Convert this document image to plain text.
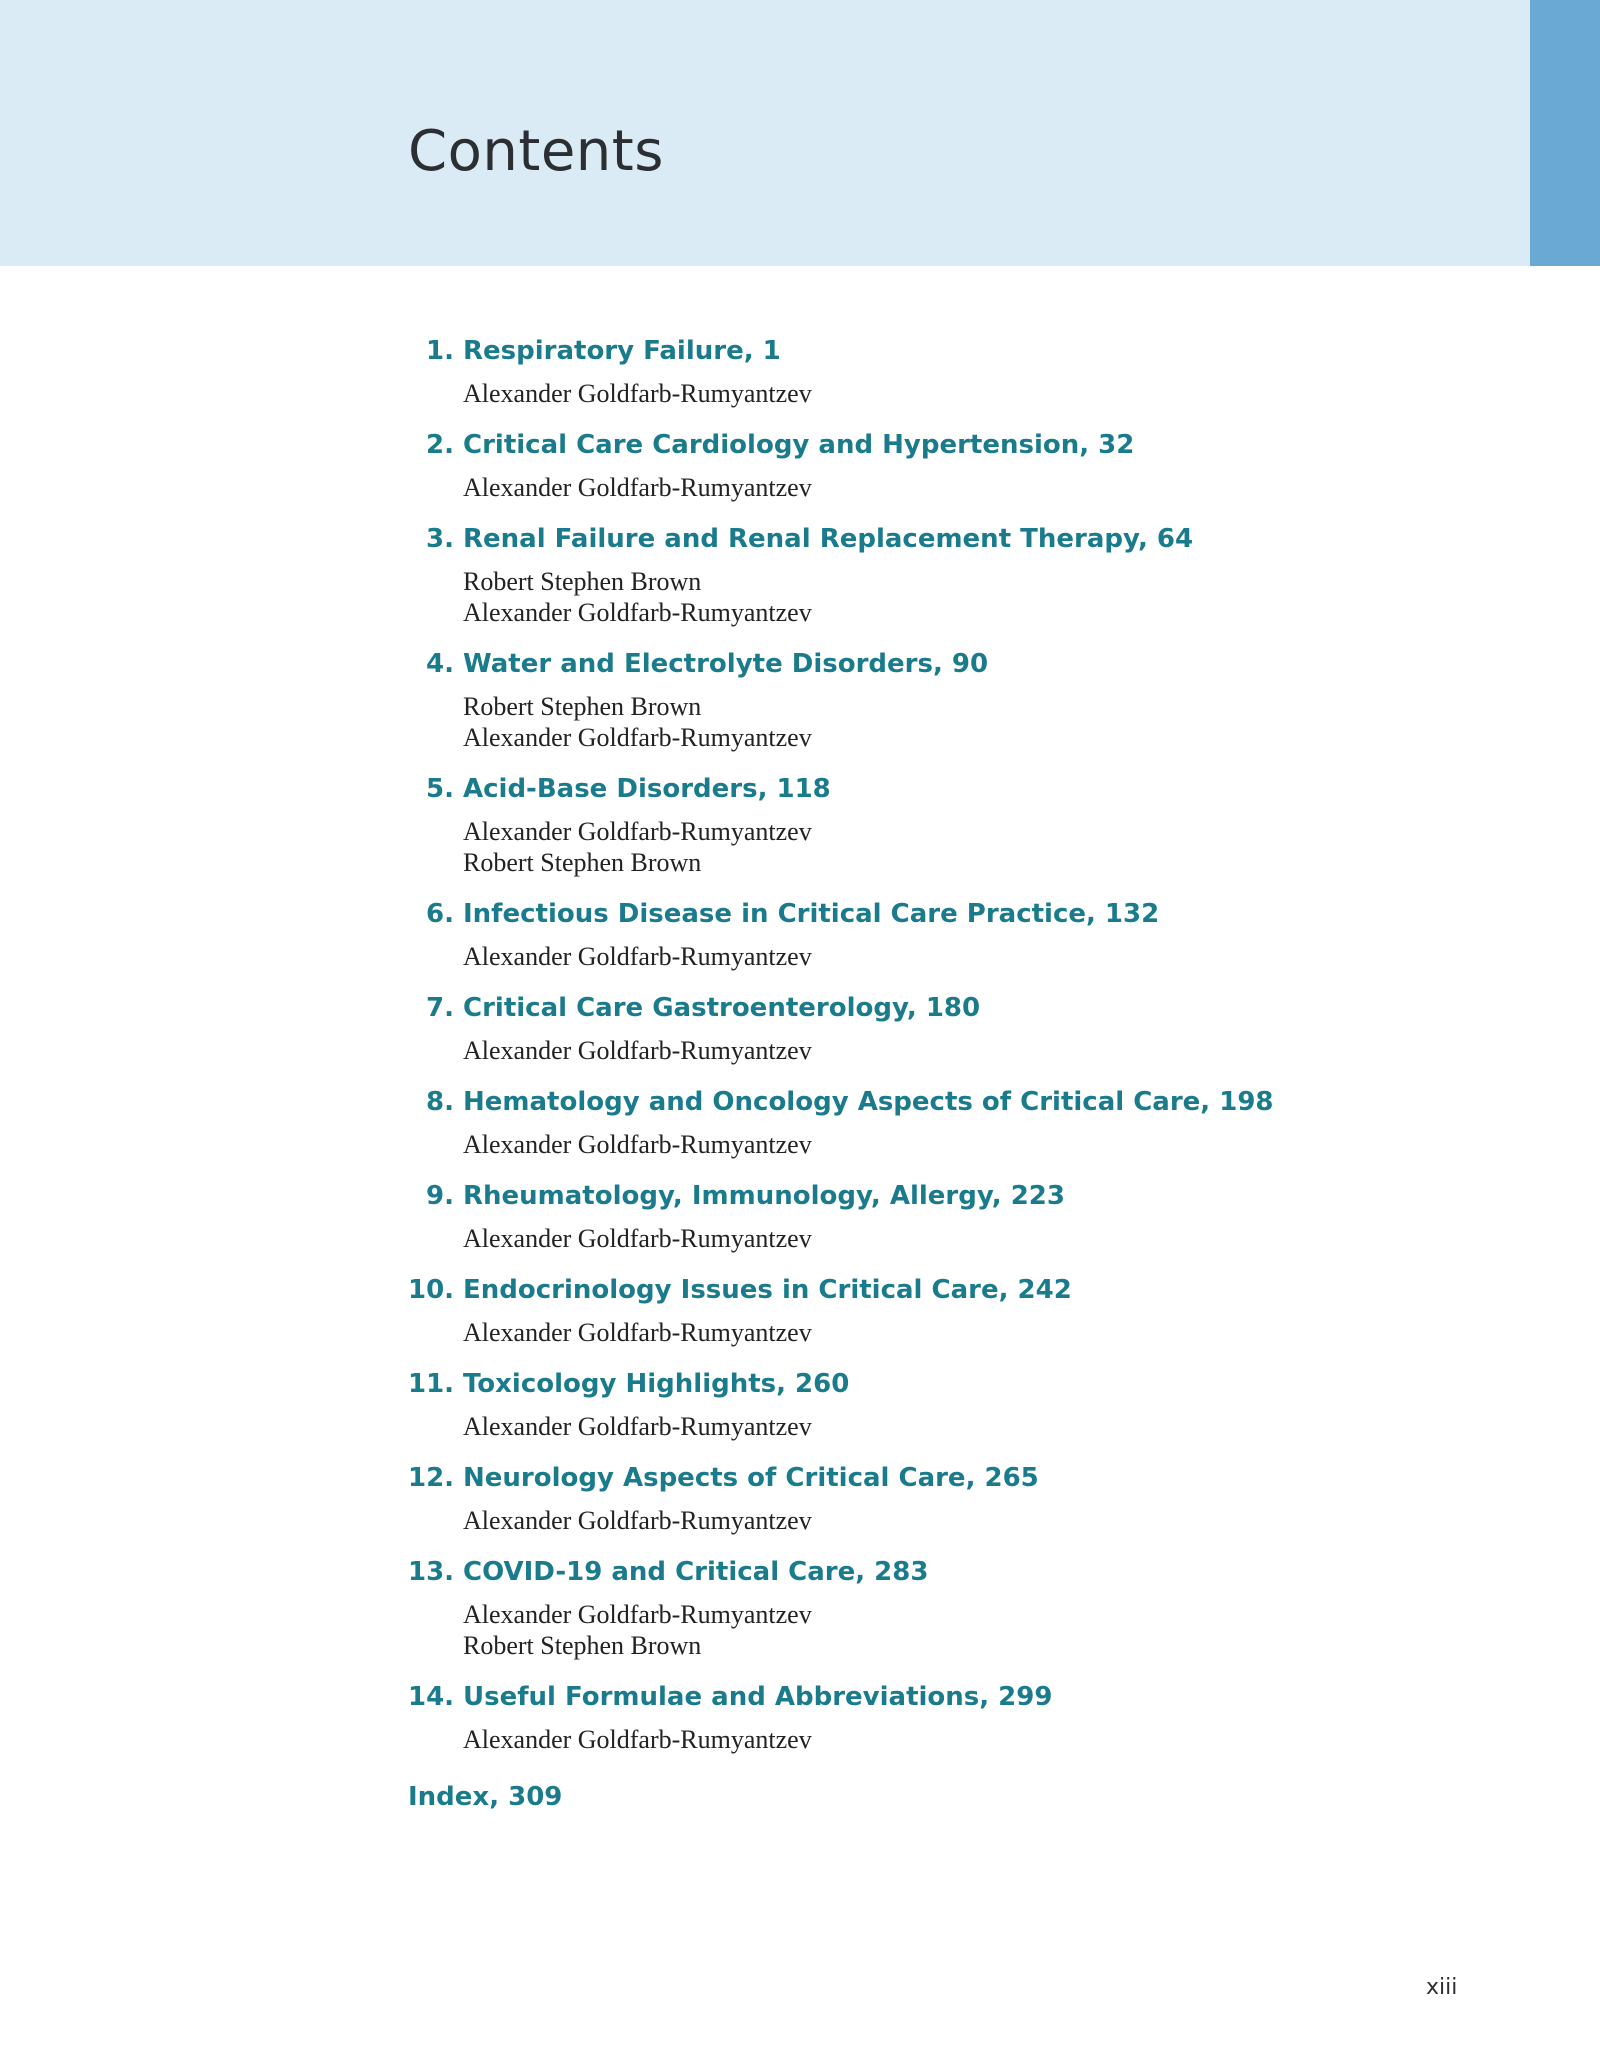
Contents
1. Respiratory Failure, 1
Alexander Goldfarb-Rumyantzev
2. Critical Care Cardiology and Hypertension, 32
Alexander Goldfarb-Rumyantzev
3. Renal Failure and Renal Replacement Therapy, 64
Robert Stephen Brown
Alexander Goldfarb-Rumyantzev
4. Water and Electrolyte Disorders, 90
Robert Stephen Brown
Alexander Goldfarb-Rumyantzev
5. Acid-Base Disorders, 118
Alexander Goldfarb-Rumyantzev
Robert Stephen Brown
6. Infectious Disease in Critical Care Practice, 132
Alexander Goldfarb-Rumyantzev
7. Critical Care Gastroenterology, 180
Alexander Goldfarb-Rumyantzev
8. Hematology and Oncology Aspects of Critical Care, 198
Alexander Goldfarb-Rumyantzev
9. Rheumatology, Immunology, Allergy, 223
Alexander Goldfarb-Rumyantzev
10. Endocrinology Issues in Critical Care, 242
Alexander Goldfarb-Rumyantzev
11. Toxicology Highlights, 260
Alexander Goldfarb-Rumyantzev
12. Neurology Aspects of Critical Care, 265
Alexander Goldfarb-Rumyantzev
13. COVID-19 and Critical Care, 283
Alexander Goldfarb-Rumyantzev
Robert Stephen Brown
14. Useful Formulae and Abbreviations, 299
Alexander Goldfarb-Rumyantzev
Index, 309
xiii
